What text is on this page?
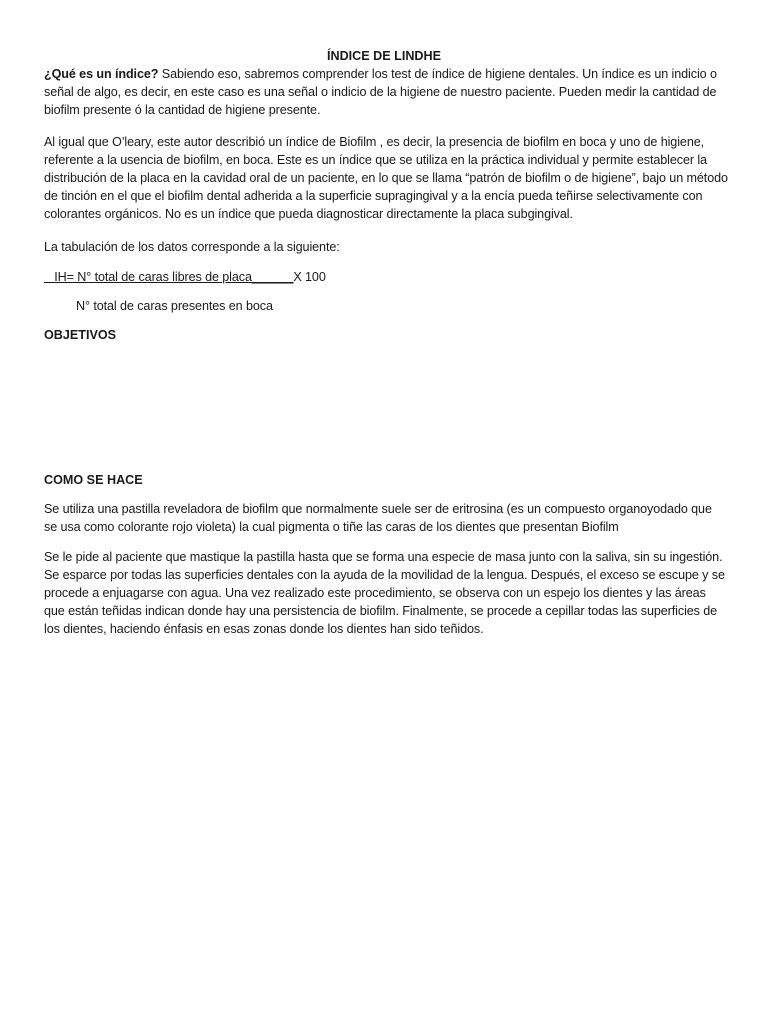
ÍNDICE DE LINDHE

¿Qué es un índice? Sabiendo eso, sabremos comprender los test de índice de higiene dentales. Un índice es un indicio o señal de algo, es decir, en este caso es una señal o indicio de la higiene de nuestro paciente. Pueden medir la cantidad de biofilm presente ó la cantidad de higiene presente.

Al igual que O’leary, este autor describió un índice de Biofilm , es decir, la presencia de biofilm en boca y uno de higiene, referente a la usencia de biofilm, en boca. Este es un índice que se utiliza en la práctica individual y permite establecer la distribución de la placa en la cavidad oral de un paciente, en lo que se llama “patrón de biofilm o de higiene”, bajo un método de tinción en el que el biofilm dental adherida a la superficie supragingival y a la encía pueda teñirse selectivamente con colorantes orgánicos. No es un índice que pueda diagnosticar directamente la placa subgingival.

La tabulación de los datos corresponde a la siguiente:

IH= N° total de caras libres de placa______X 100

N° total de caras presentes en boca

OBJETIVOS

COMO SE HACE

Se utiliza una pastilla reveladora de biofilm que normalmente suele ser de eritrosina (es un compuesto organoyodado que se usa como colorante rojo violeta) la cual pigmenta o tiñe las caras de los dientes que presentan Biofilm

Se le pide al paciente que mastique la pastilla hasta que se forma una especie de masa junto con la saliva, sin su ingestión. Se esparce por todas las superficies dentales con la ayuda de la movilidad de la lengua. Después, el exceso se escupe y se procede a enjuagarse con agua. Una vez realizado este procedimiento, se observa con un espejo los dientes y las áreas que están teñidas indican donde hay una persistencia de biofilm. Finalmente, se procede a cepillar todas las superficies de los dientes, haciendo énfasis en esas zonas donde los dientes han sido teñidos.
